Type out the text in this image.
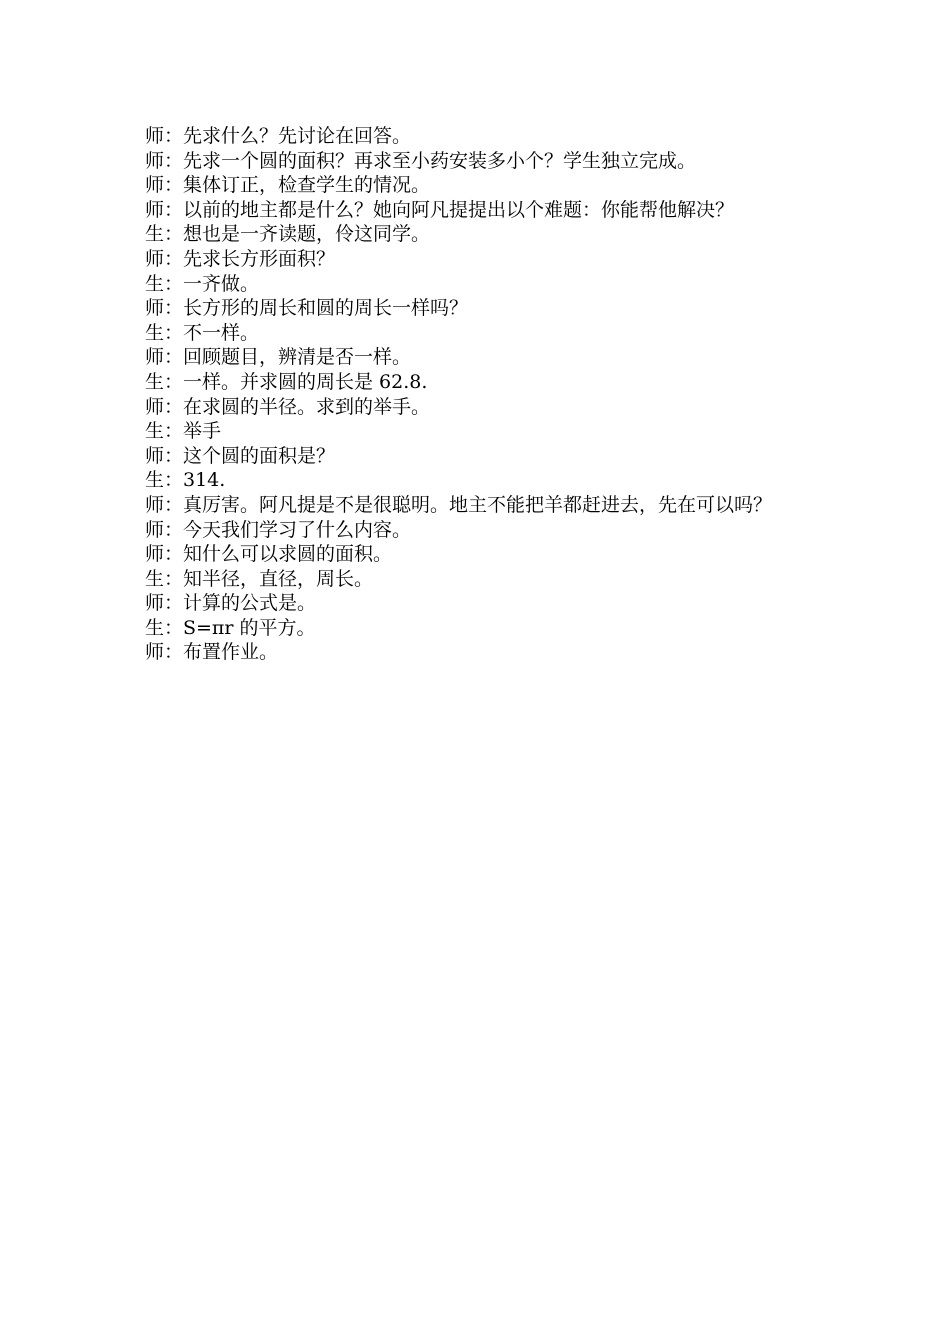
师：先求什么？先讨论在回答。

师：先求一个圆的面积？再求至小药安装多小个？学生独立完成。

师：集体订正，检查学生的情况。

师：以前的地主都是什么？她向阿凡提提出以个难题：你能帮他解决？

生：想也是一齐读题，伶这同学。

师：先求长方形面积？

生：一齐做。

师：长方形的周长和圆的周长一样吗？

生：不一样。

师：回顾题目，辨清是否一样。

生：一样。并求圆的周长是 62.8.

师：在求圆的半径。求到的举手。

生：举手

师：这个圆的面积是？

生：314.

师：真厉害。阿凡提是不是很聪明。地主不能把羊都赶进去，先在可以吗？

师：今天我们学习了什么内容。

师：知什么可以求圆的面积。

生：知半径，直径，周长。

师：计算的公式是。

生：S=πr 的平方。

师：布置作业。
